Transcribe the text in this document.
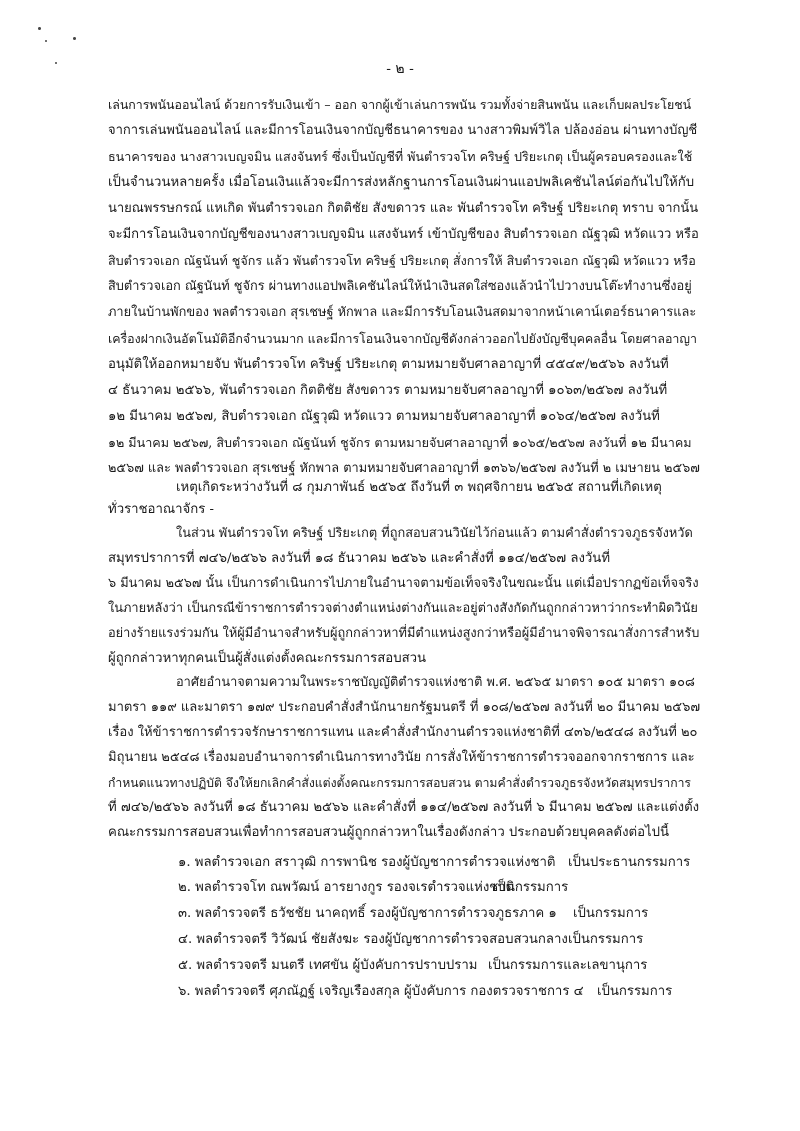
- ๒ -
เล่นการพนันออนไลน์ ด้วยการรับเงินเข้า – ออก จากผู้เข้าเล่นการพนัน รวมทั้งจ่ายสินพนัน และเก็บผลประโยชน์
จาการเล่นพนันออนไลน์ และมีการโอนเงินจากบัญชีธนาคารของ นางสาวพิมพ์วิไล ปล้องอ่อน ผ่านทางบัญชี
ธนาคารของ นางสาวเบญจมิน แสงจันทร์ ซึ่งเป็นบัญชีที่ พันตำรวจโท คริษฐ์ ปริยะเกตุ เป็นผู้ครอบครองและใช้
เป็นจำนวนหลายครั้ง เมื่อโอนเงินแล้วจะมีการส่งหลักฐานการโอนเงินผ่านแอปพลิเคชันไลน์ต่อกันไปให้กับ
นายณพรรษกรณ์ แหเกิด พันตำรวจเอก กิตติชัย สังขดาวร และ พันตำรวจโท คริษฐ์ ปริยะเกตุ ทราบ จากนั้น
จะมีการโอนเงินจากบัญชีของนางสาวเบญจมิน แสงจันทร์ เข้าบัญชีของ สิบตำรวจเอก ณัฐวุฒิ หวัดแวว หรือ
สิบตำรวจเอก ณัฐนันท์ ชูจักร แล้ว พันตำรวจโท คริษฐ์ ปริยะเกตุ สั่งการให้ สิบตำรวจเอก ณัฐวุฒิ หวัดแวว หรือ
สิบตำรวจเอก ณัฐนันท์ ชูจักร ผ่านทางแอปพลิเคชันไลน์ให้นำเงินสดใส่ซองแล้วนำไปวางบนโต๊ะทำงานซึ่งอยู่
ภายในบ้านพักของ พลตำรวจเอก สุรเชษฐ์ หักพาล และมีการรับโอนเงินสดมาจากหน้าเคาน์เตอร์ธนาคารและ
เครื่องฝากเงินอัตโนมัติอีกจำนวนมาก และมีการโอนเงินจากบัญชีดังกล่าวออกไปยังบัญชีบุคคลอื่น โดยศาลอาญา
อนุมัติให้ออกหมายจับ พันตำรวจโท คริษฐ์ ปริยะเกตุ ตามหมายจับศาลอาญาที่ ๔๕๔๙/๒๕๖๖ ลงวันที่
๔ ธันวาคม ๒๕๖๖, พันตำรวจเอก กิตติชัย สังขดาวร ตามหมายจับศาลอาญาที่ ๑๐๖๓/๒๕๖๗ ลงวันที่
๑๒ มีนาคม ๒๕๖๗, สิบตำรวจเอก ณัฐวุฒิ หวัดแวว ตามหมายจับศาลอาญาที่ ๑๐๖๔/๒๕๖๗ ลงวันที่
๑๒ มีนาคม ๒๕๖๗, สิบตำรวจเอก ณัฐนันท์ ชูจักร ตามหมายจับศาลอาญาที่ ๑๐๖๕/๒๕๖๗ ลงวันที่ ๑๒ มีนาคม
๒๕๖๗ และ พลตำรวจเอก สุรเชษฐ์ หักพาล ตามหมายจับศาลอาญาที่ ๑๓๖๖/๒๕๖๗ ลงวันที่ ๒ เมษายน ๒๕๖๗
เหตุเกิดระหว่างวันที่ ๘ กุมภาพันธ์ ๒๕๖๕ ถึงวันที่ ๓ พฤศจิกายน ๒๕๖๕ สถานที่เกิดเหตุ
ทั่วราชอาณาจักร -
ในส่วน พันตำรวจโท คริษฐ์ ปริยะเกตุ ที่ถูกสอบสวนวินัยไว้ก่อนแล้ว ตามคำสั่งตำรวจภูธรจังหวัด
สมุทรปราการที่ ๗๔๖/๒๕๖๖ ลงวันที่ ๑๘ ธันวาคม ๒๕๖๖ และคำสั่งที่ ๑๑๔/๒๕๖๗ ลงวันที่
๖ มีนาคม ๒๕๖๗ นั้น เป็นการดำเนินการไปภายในอำนาจตามข้อเท็จจริงในขณะนั้น แต่เมื่อปรากฏข้อเท็จจริง
ในภายหลังว่า เป็นกรณีข้าราชการตำรวจต่างตำแหน่งต่างกันและอยู่ต่างสังกัดกันถูกกล่าวหาว่ากระทำผิดวินัย
อย่างร้ายแรงร่วมกัน ให้ผู้มีอำนาจสำหรับผู้ถูกกล่าวหาที่มีตำแหน่งสูงกว่าหรือผู้มีอำนาจพิจารณาสั่งการสำหรับ
ผู้ถูกกล่าวหาทุกคนเป็นผู้สั่งแต่งตั้งคณะกรรมการสอบสวน
อาศัยอำนาจตามความในพระราชบัญญัติตำรวจแห่งชาติ พ.ศ. ๒๕๖๕ มาตรา ๑๐๕ มาตรา ๑๐๘
มาตรา ๑๑๙ และมาตรา ๑๗๙ ประกอบคำสั่งสำนักนายกรัฐมนตรี ที่ ๑๐๘/๒๕๖๗ ลงวันที่ ๒๐ มีนาคม ๒๕๖๗
เรื่อง ให้ข้าราชการตำรวจรักษาราชการแทน และคำสั่งสำนักงานตำรวจแห่งชาติที่ ๔๓๖/๒๕๔๘ ลงวันที่ ๒๐
มิถุนายน ๒๕๔๘ เรื่องมอบอำนาจการดำเนินการทางวินัย การสั่งให้ข้าราชการตำรวจออกจากราชการ และ
กำหนดแนวทางปฏิบัติ จึงให้ยกเลิกคำสั่งแต่งตั้งคณะกรรมการสอบสวน ตามคำสั่งตำรวจภูธรจังหวัดสมุทรปราการ
ที่ ๗๔๖/๒๕๖๖ ลงวันที่ ๑๘ ธันวาคม ๒๕๖๖ และคำสั่งที่ ๑๑๔/๒๕๖๗ ลงวันที่ ๖ มีนาคม ๒๕๖๗ และแต่งตั้ง
คณะกรรมการสอบสวนเพื่อทำการสอบสวนผู้ถูกกล่าวหาในเรื่องดังกล่าว ประกอบด้วยบุคคลดังต่อไปนี้
๑. พลตำรวจเอก สราวุฒิ การพานิช รองผู้บัญชาการตำรวจแห่งชาติ เป็นประธานกรรมการ
๒. พลตำรวจโท ณพวัฒน์ อารยางกูร รองจเรตำรวจแห่งชาติ
เป็นกรรมการ
๓. พลตำรวจตรี ธวัชชัย นาคฤทธิ์ รองผู้บัญชาการตำรวจภูธรภาค ๑ เป็นกรรมการ
๔. พลตำรวจตรี วิวัฒน์ ชัยสังฆะ รองผู้บัญชาการตำรวจสอบสวนกลาง เป็นกรรมการ
๕. พลตำรวจตรี มนตรี เทศขัน ผู้บังคับการปราบปราม เป็นกรรมการและเลขานุการ
๖. พลตำรวจตรี ศุภณัฏฐ์ เจริญเรืองสกุล ผู้บังคับการ กองตรวจราชการ ๔ เป็นกรรมการ
